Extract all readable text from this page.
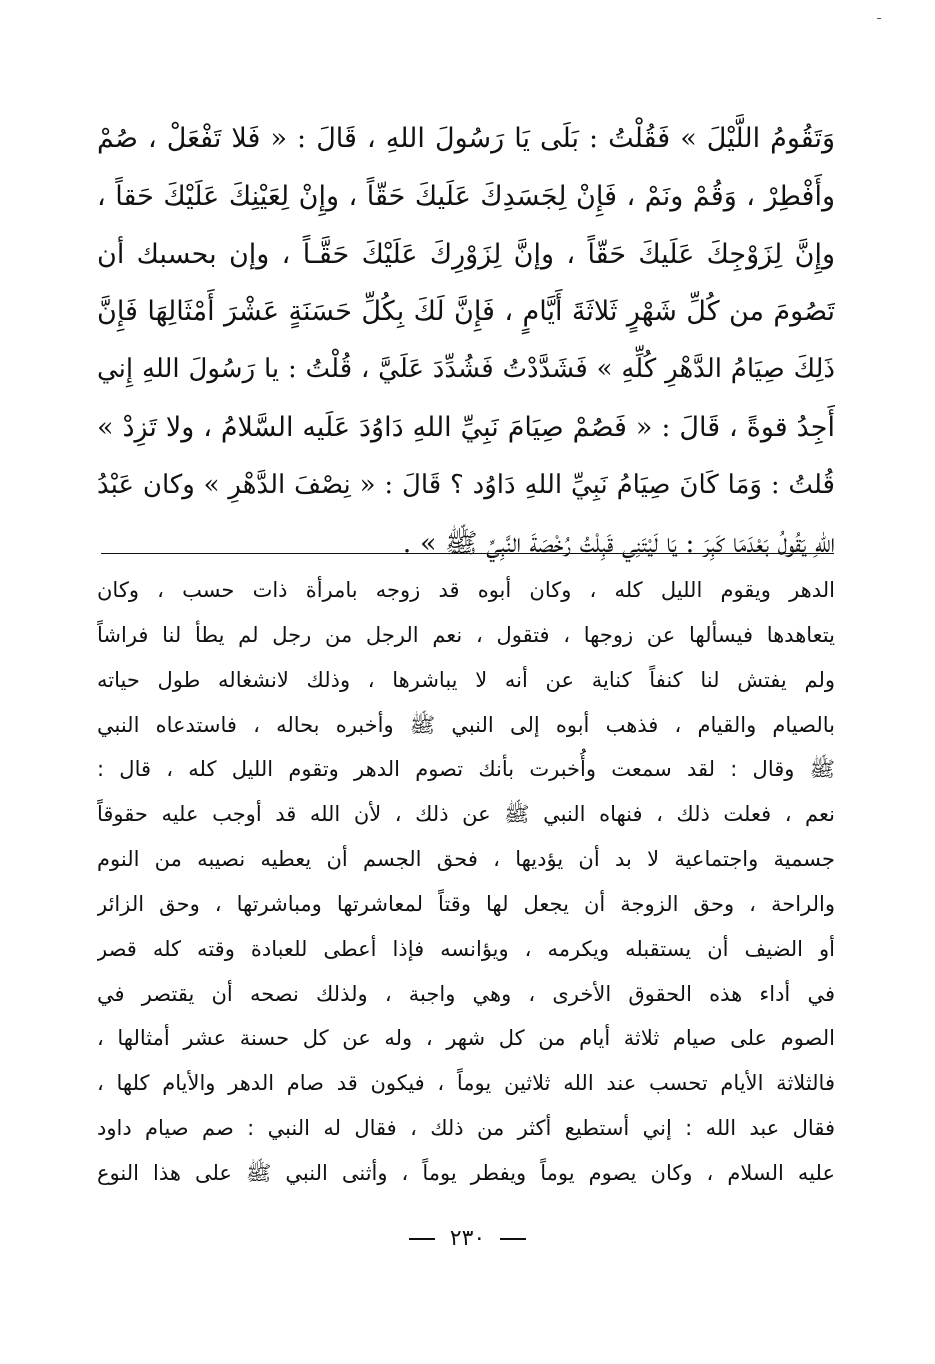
وَتَقُومُ اللَّيْلَ » فَقُلْتُ : بَلَى يَا رَسُولَ اللهِ ، قَالَ : « فَلا تَفْعَلْ ، صُمْ
وأَفْطِرْ ، وَقُمْ ونَمْ ، فَإِنْ لِجَسَدِكَ عَلَيكَ حَقّاً ، وإِنْ لِعَيْنِكَ عَلَيْكَ حَقاً ،
وإِنَّ لِزَوْجِكَ عَلَيكَ حَقّاً ، وإنَّ لِزَوْرِكَ عَلَيْكَ حَقَّـاً ، وإن بحسبك أن
تَصُومَ من كُلِّ شَهْرٍ ثَلاثَةَ أَيَّامٍ ، فَإِنَّ لَكَ بِكُلِّ حَسَنَةٍ عَشْرَ أَمْثَالِهَا فَإِنَّ
ذَلِكَ صِيَامُ الدَّهْرِ كُلِّهِ » فَشَدَّدْتُ فَشُدِّدَ عَلَيَّ ، قُلْتُ : يا رَسُولَ اللهِ إِني
أَجِدُ قوةً ، قَالَ : « فَصُمْ صِيَامَ نَبِيِّ اللهِ دَاوُدَ عَلَيه السَّلامُ ، ولا تَزِدْ »
قُلتُ : وَمَا كَانَ صِيَامُ نَبِيِّ اللهِ دَاوُد ؟ قَالَ : « نِصْفَ الدَّهْرِ » وكان عَبْدُ
اللهِ يَقُولُ بَعْدَمَا كَبِرَ : يَا لَيْتَنِي قَبِلْتُ رُخْصَةَ النَّبِيِّ ﷺ » .
الدهر ويقوم الليل كله ، وكان أبوه قد زوجه بامرأة ذات حسب ، وكان
يتعاهدها فيسألها عن زوجها ، فتقول ، نعم الرجل من رجل لم يطأ لنا فراشاً
ولم يفتش لنا كنفاً كناية عن أنه لا يباشرها ، وذلك لانشغاله طول حياته
بالصيام والقيام ، فذهب أبوه إلى النبي ﷺ وأخبره بحاله ، فاستدعاه النبي
ﷺ وقال : لقد سمعت وأُخبرت بأنك تصوم الدهر وتقوم الليل كله ، قال :
نعم ، فعلت ذلك ، فنهاه النبي ﷺ عن ذلك ، لأن الله قد أوجب عليه حقوقاً
جسمية واجتماعية لا بد أن يؤديها ، فحق الجسم أن يعطيه نصيبه من النوم
والراحة ، وحق الزوجة أن يجعل لها وقتاً لمعاشرتها ومباشرتها ، وحق الزائر
أو الضيف أن يستقبله ويكرمه ، ويؤانسه فإذا أعطى للعبادة وقته كله قصر
في أداء هذه الحقوق الأخرى ، وهي واجبة ، ولذلك نصحه أن يقتصر في
الصوم على صيام ثلاثة أيام من كل شهر ، وله عن كل حسنة عشر أمثالها ،
فالثلاثة الأيام تحسب عند الله ثلاثين يوماً ، فيكون قد صام الدهر والأيام كلها ،
فقال عبد الله : إني أستطيع أكثر من ذلك ، فقال له النبي : صم صيام داود
عليه السلام ، وكان يصوم يوماً ويفطر يوماً ، وأثنى النبي ﷺ على هذا النوع
٢٣٠
